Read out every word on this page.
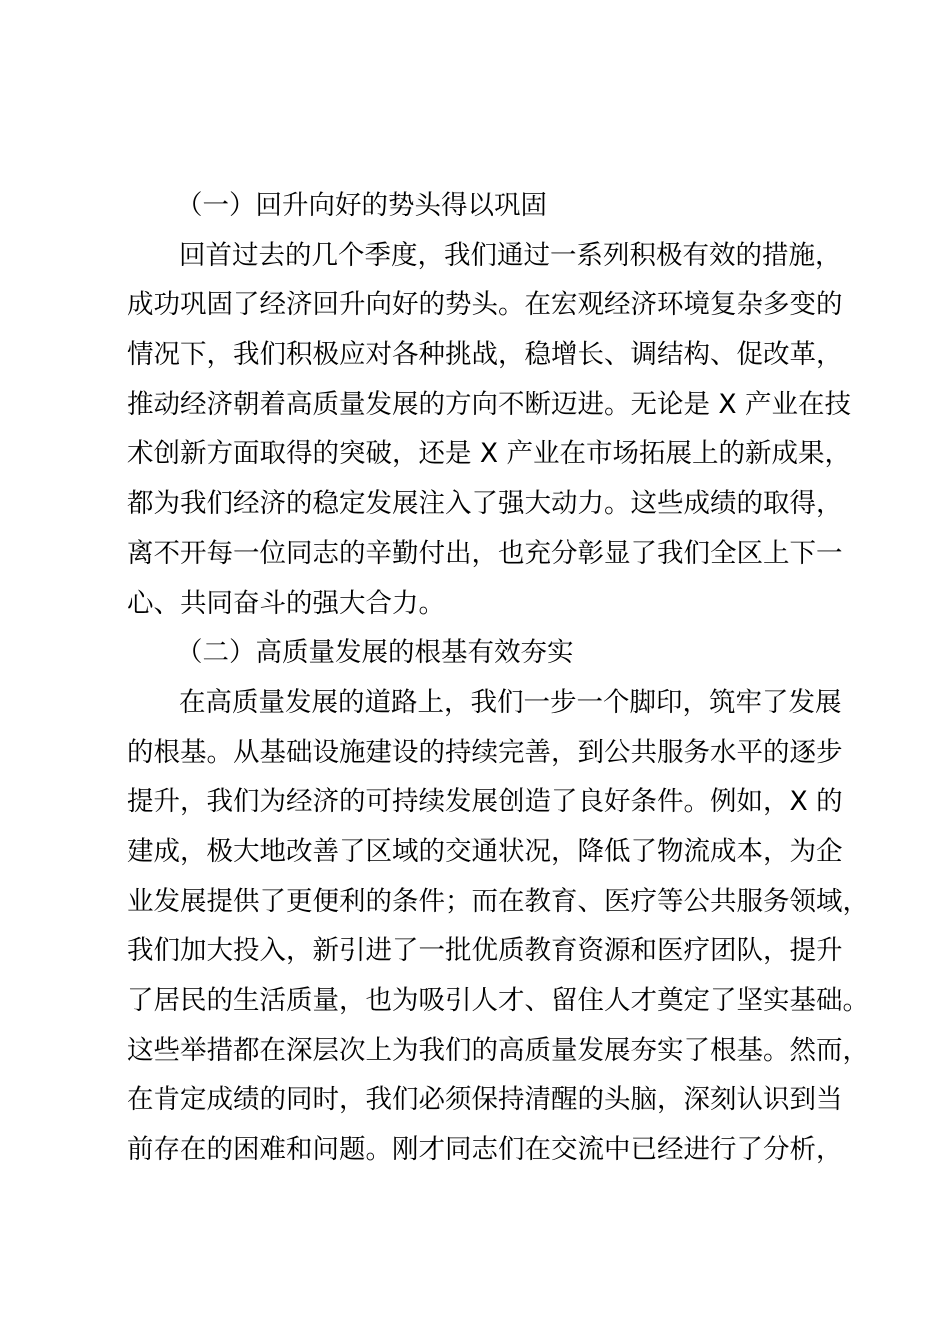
（一）回升向好的势头得以巩固
回首过去的几个季度，我们通过一系列积极有效的措施，
成功巩固了经济回升向好的势头。在宏观经济环境复杂多变的
情况下，我们积极应对各种挑战，稳增长、调结构、促改革，
推动经济朝着高质量发展的方向不断迈进。无论是 X 产业在技
术创新方面取得的突破，还是 X 产业在市场拓展上的新成果，
都为我们经济的稳定发展注入了强大动力。这些成绩的取得，
离不开每一位同志的辛勤付出，也充分彰显了我们全区上下一
心、共同奋斗的强大合力。
（二）高质量发展的根基有效夯实
在高质量发展的道路上，我们一步一个脚印，筑牢了发展
的根基。从基础设施建设的持续完善，到公共服务水平的逐步
提升，我们为经济的可持续发展创造了良好条件。例如，X 的
建成，极大地改善了区域的交通状况，降低了物流成本，为企
业发展提供了更便利的条件；而在教育、医疗等公共服务领域，
我们加大投入，新引进了一批优质教育资源和医疗团队，提升
了居民的生活质量，也为吸引人才、留住人才奠定了坚实基础。
这些举措都在深层次上为我们的高质量发展夯实了根基。然而，
在肯定成绩的同时，我们必须保持清醒的头脑，深刻认识到当
前存在的困难和问题。刚才同志们在交流中已经进行了分析，
